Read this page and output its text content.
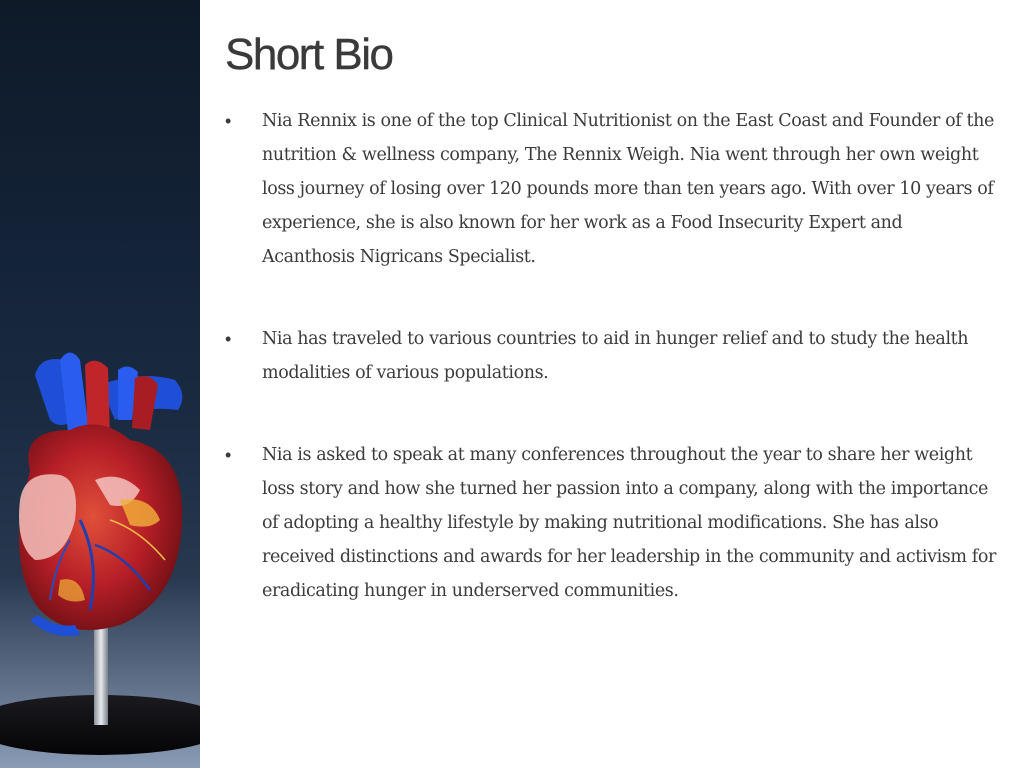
Short Bio
• Nia Rennix is one of the top Clinical Nutritionist on the East Coast and Founder of the nutrition & wellness company, The Rennix Weigh. Nia went through her own weight loss journey of losing over 120 pounds more than ten years ago. With over 10 years of experience, she is also known for her work as a Food Insecurity Expert and Acanthosis Nigricans Specialist.
• Nia has traveled to various countries to aid in hunger relief and to study the health modalities of various populations.
• Nia is asked to speak at many conferences throughout the year to share her weight loss story and how she turned her passion into a company, along with the importance of adopting a healthy lifestyle by making nutritional modifications. She has also received distinctions and awards for her leadership in the community and activism for eradicating hunger in underserved communities.
